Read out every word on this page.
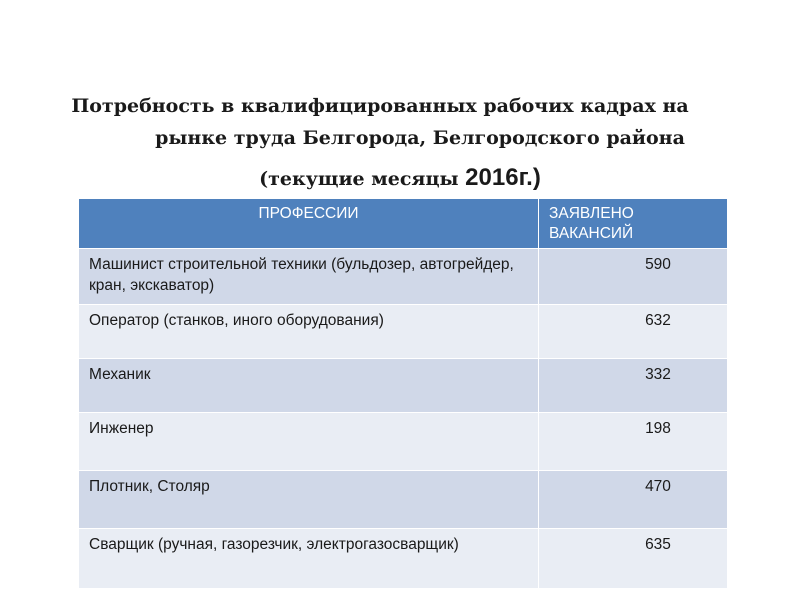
Потребность в квалифицированных рабочих кадрах на
рынке труда Белгорода, Белгородского района
(текущие месяцы 2016г.)
ПРОФЕССИИ	ЗАЯВЛЕНО
ВАКАНСИЙ
Машинист строительной техники (бульдозер, автогрейдер, кран, экскаватор)	590
Оператор (станков, иного оборудования)	632
Механик	332
Инженер	198
Плотник, Столяр	470
Сварщик (ручная, газорезчик, электрогазосварщик)	635
